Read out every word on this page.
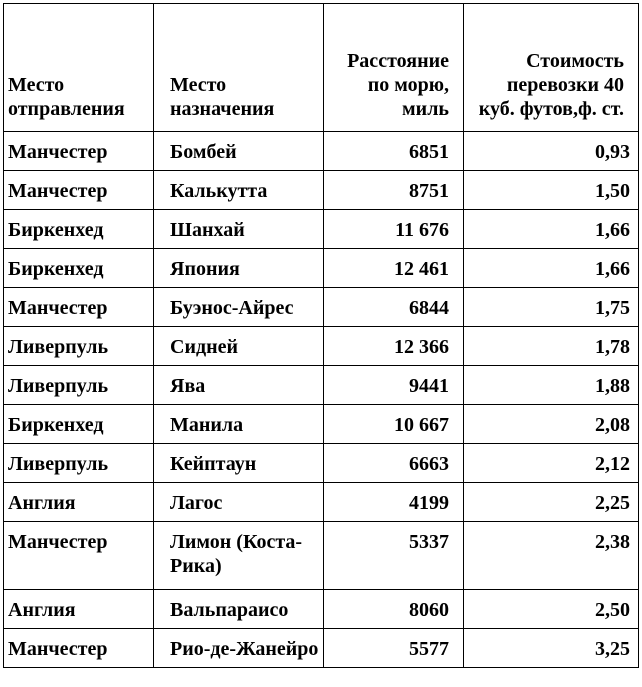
Место отправления	Место назначения	Расстояние по морю, миль	Стоимость перевозки 40 куб. футов,ф. ст.
Манчестер	Бомбей	6851	0,93
Манчестер	Калькутта	8751	1,50
Биркенхед	Шанхай	11 676	1,66
Биркенхед	Япония	12 461	1,66
Манчестер	Буэнос-Айрес	6844	1,75
Ливерпуль	Сидней	12 366	1,78
Ливерпуль	Ява	9441	1,88
Биркенхед	Манила	10 667	2,08
Ливерпуль	Кейптаун	6663	2,12
Англия	Лагос	4199	2,25
Манчестер	Лимон (Коста-Рика)	5337	2,38
Англия	Вальпараисо	8060	2,50
Манчестер	Рио-де-Жанейро	5577	3,25
